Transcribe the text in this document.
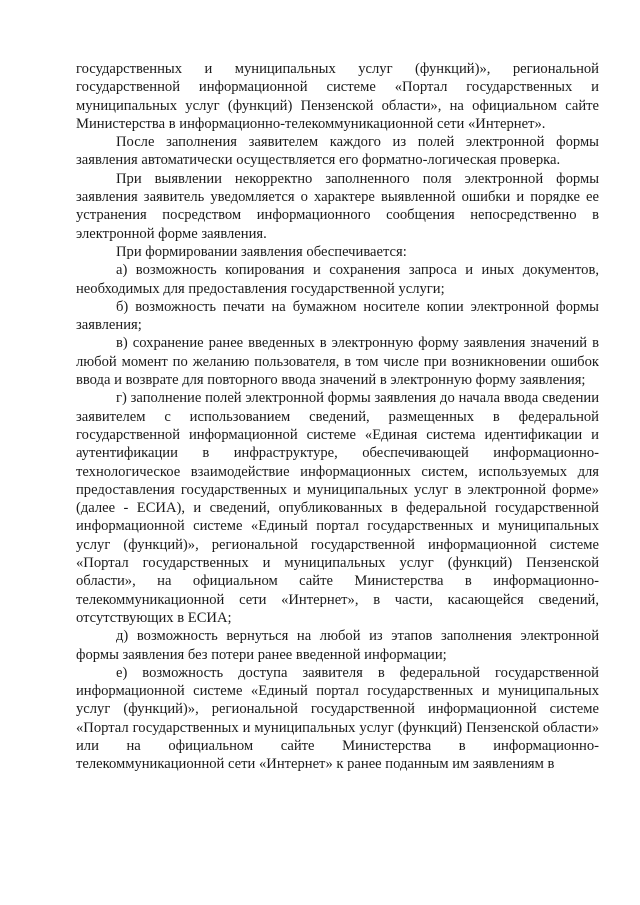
государственных и муниципальных услуг (функций)», региональной государственной информационной системе «Портал государственных и муниципальных услуг (функций) Пензенской области», на официальном сайте Министерства в информационно-телекоммуникационной сети «Интернет».

После заполнения заявителем каждого из полей электронной формы заявления автоматически осуществляется его форматно-логическая проверка.

При выявлении некорректно заполненного поля электронной формы заявления заявитель уведомляется о характере выявленной ошибки и порядке ее устранения посредством информационного сообщения непосредственно в электронной форме заявления.

При формировании заявления обеспечивается:

а) возможность копирования и сохранения запроса и иных документов, необходимых для предоставления государственной услуги;

б) возможность печати на бумажном носителе копии электронной формы заявления;

в) сохранение ранее введенных в электронную форму заявления значений в любой момент по желанию пользователя, в том числе при возникновении ошибок ввода и возврате для повторного ввода значений в электронную форму заявления;

г) заполнение полей электронной формы заявления до начала ввода сведении заявителем с использованием сведений, размещенных в федеральной государственной информационной системе «Единая система идентификации и аутентификации в инфраструктуре, обеспечивающей информационно-технологическое взаимодействие информационных систем, используемых для предоставления государственных и муниципальных услуг в электронной форме» (далее - ЕСИА), и сведений, опубликованных в федеральной государственной информационной системе «Единый портал государственных и муниципальных услуг (функций)», региональной государственной информационной системе «Портал государственных и муниципальных услуг (функций) Пензенской области», на официальном сайте Министерства в информационно-телекоммуникационной сети «Интернет», в части, касающейся сведений, отсутствующих в ЕСИА;

д) возможность вернуться на любой из этапов заполнения электронной формы заявления без потери ранее введенной информации;

е) возможность доступа заявителя в федеральной государственной информационной системе «Единый портал государственных и муниципальных услуг (функций)», региональной государственной информационной системе «Портал государственных и муниципальных услуг (функций) Пензенской области» или на официальном сайте Министерства в информационно-телекоммуникационной сети «Интернет» к ранее поданным им заявлениям в
